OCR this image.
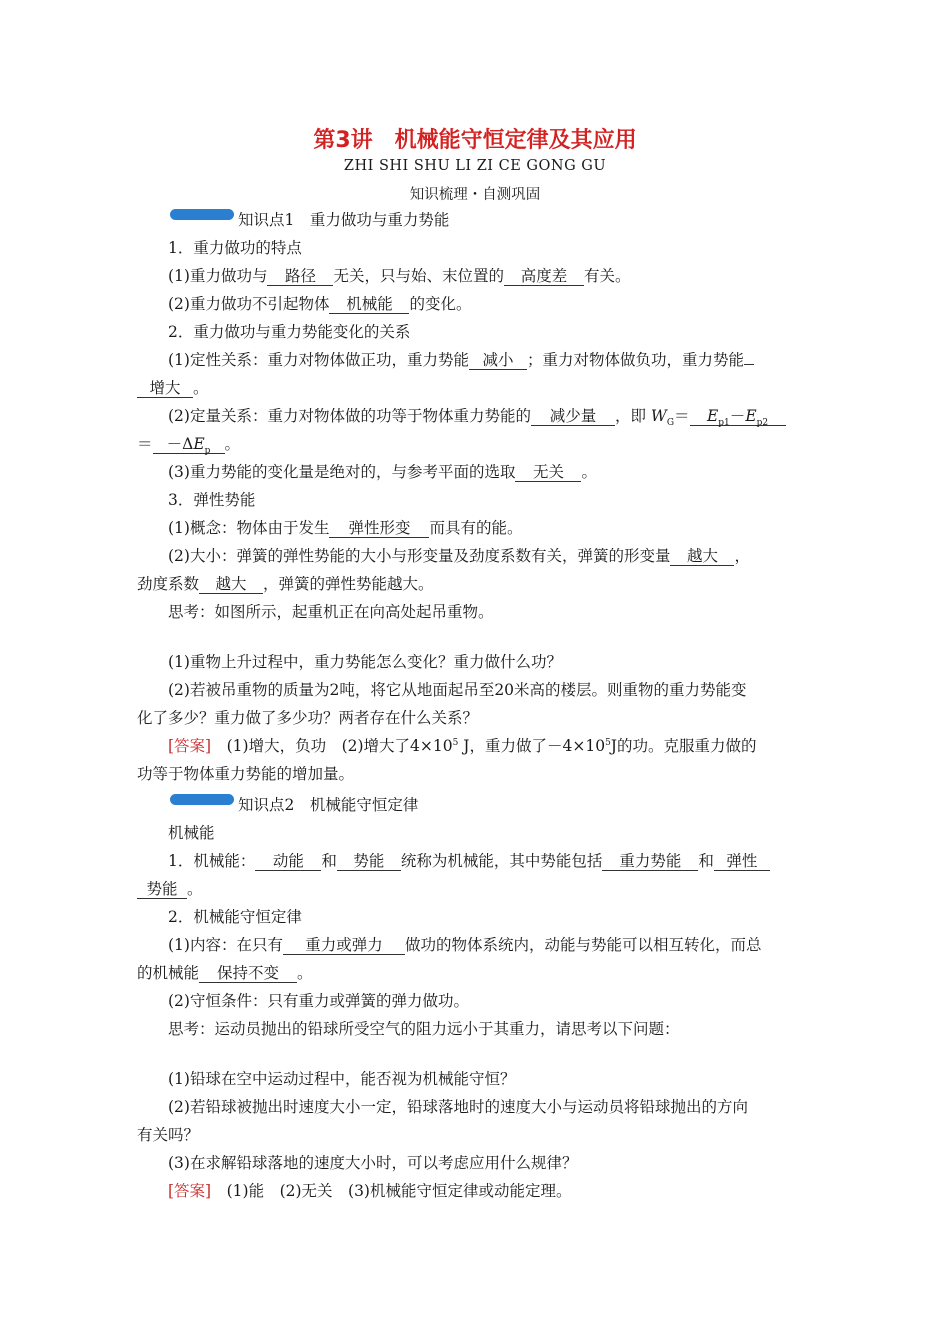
第3讲　机械能守恒定律及其应用
ZHI SHI SHU LI ZI CE GONG GU
知识梳理・自测巩固
知识点1　重力做功与重力势能
1．重力做功的特点
(1)重力做功与 路径 无关，只与始、末位置的 高度差 有关。
(2)重力做功不引起物体 机械能 的变化。
2．重力做功与重力势能变化的关系
(1)定性关系：重力对物体做正功，重力势能 减小 ；重力对物体做负功，重力势能
增大 。
(2)定量关系：重力对物体做的功等于物体重力势能的 减少量 ，即 $W_G= E_{p1}-E_{p2}$
＝ $-\Delta E_p$ 。
(3)重力势能的变化量是绝对的，与参考平面的选取 无关 。
3．弹性势能
(1)概念：物体由于发生 弹性形变 而具有的能。
(2)大小：弹簧的弹性势能的大小与形变量及劲度系数有关，弹簧的形变量 越大 ，
劲度系数 越大 ，弹簧的弹性势能越大。
思考：如图所示，起重机正在向高处起吊重物。
(1)重物上升过程中，重力势能怎么变化？重力做什么功？
(2)若被吊重物的质量为2吨，将它从地面起吊至20米高的楼层。则重物的重力势能变
化了多少？重力做了多少功？两者存在什么关系？
[答案]　(1)增大，负功　(2)增大了$4\times 10^5$ J，重力做了$-4\times 10^5J$的功。克服重力做的
功等于物体重力势能的增加量。
知识点2　机械能守恒定律
机械能
1．机械能： 动能 和 势能 统称为机械能，其中势能包括 重力势能 和 弹性
势能 。
2．机械能守恒定律
(1)内容：在只有 重力或弹力 做功的物体系统内，动能与势能可以相互转化，而总
的机械能 保持不变 。
(2)守恒条件：只有重力或弹簧的弹力做功。
思考：运动员抛出的铅球所受空气的阻力远小于其重力，请思考以下问题：
(1)铅球在空中运动过程中，能否视为机械能守恒？
(2)若铅球被抛出时速度大小一定，铅球落地时的速度大小与运动员将铅球抛出的方向
有关吗？
(3)在求解铅球落地的速度大小时，可以考虑应用什么规律？
[答案]　(1)能　(2)无关　(3)机械能守恒定律或动能定理。
